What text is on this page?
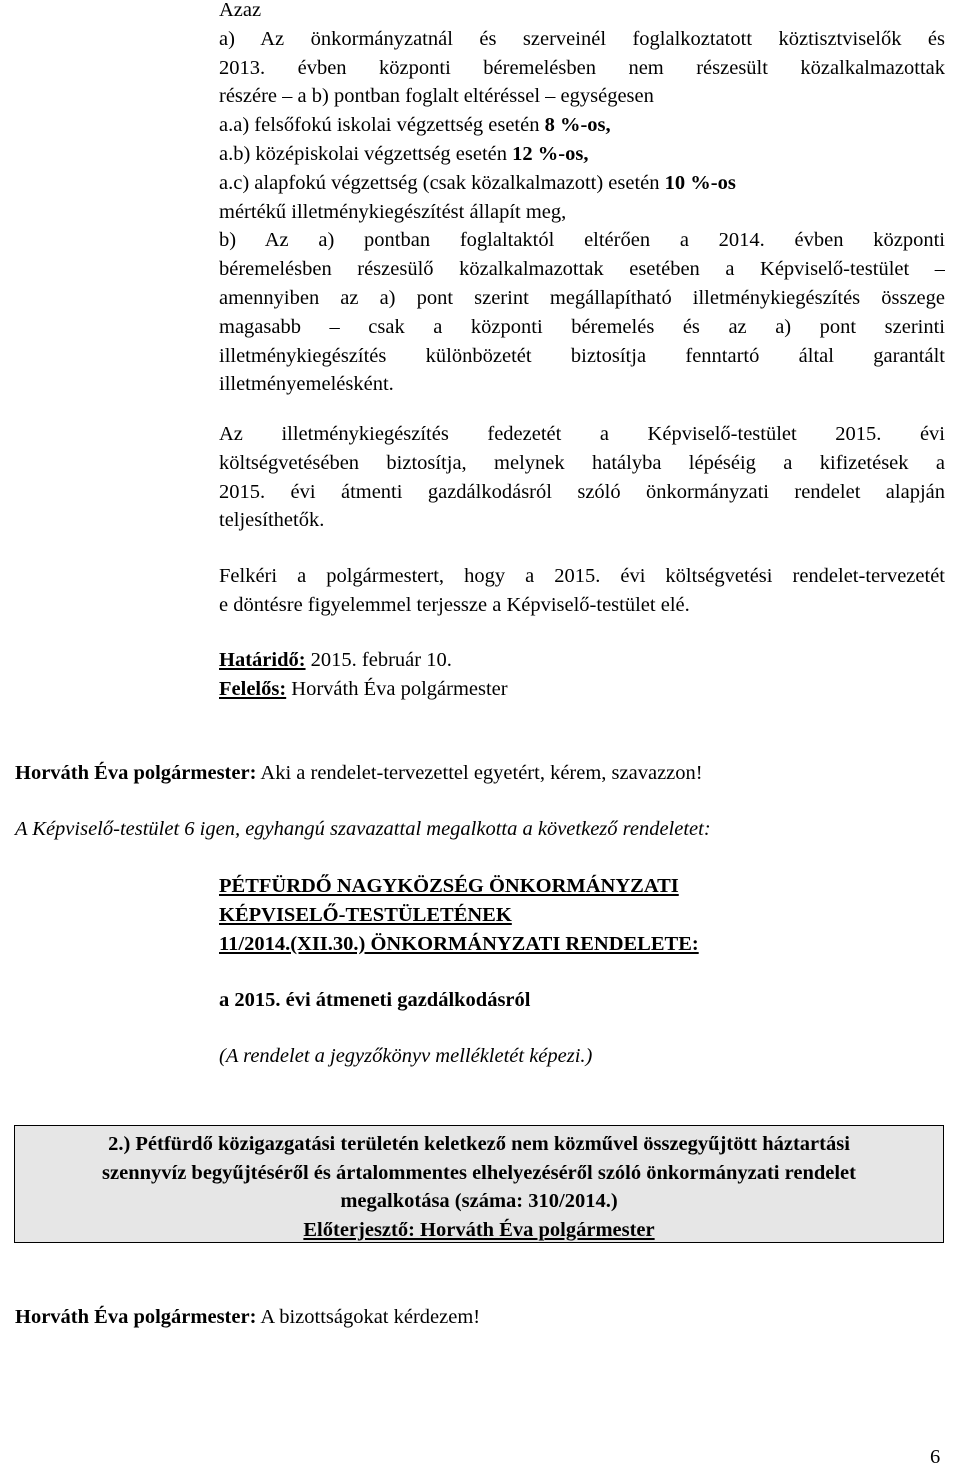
Azaz
a) Az önkormányzatnál és szerveinél foglalkoztatott köztisztviselők és
2013. évben központi béremelésben nem részesült közalkalmazottak
részére – a b) pontban foglalt eltéréssel – egységesen
a.a) felsőfokú iskolai végzettség esetén 8 %-os,
a.b) középiskolai végzettség esetén 12 %-os,
a.c) alapfokú végzettség (csak közalkalmazott) esetén 10 %-os
mértékű illetménykiegészítést állapít meg,
b) Az a) pontban foglaltaktól eltérően a 2014. évben központi
béremelésben részesülő közalkalmazottak esetében a Képviselő-testület –
amennyiben az a) pont szerint megállapítható illetménykiegészítés összege
magasabb – csak a központi béremelés és az a) pont szerinti
illetménykiegészítés különbözetét biztosítja fenntartó által garantált
illetményemelésként.
Az illetménykiegészítés fedezetét a Képviselő-testület 2015. évi
költségvetésében biztosítja, melynek hatályba lépéséig a kifizetések a
2015. évi átmenti gazdálkodásról szóló önkormányzati rendelet alapján
teljesíthetők.
Felkéri a polgármestert, hogy a 2015. évi költségvetési rendelet-tervezetét
e döntésre figyelemmel terjessze a Képviselő-testület elé.
Határidő: 2015. február 10.
Felelős: Horváth Éva polgármester
Horváth Éva polgármester: Aki a rendelet-tervezettel egyetért, kérem, szavazzon!
A Képviselő-testület 6 igen, egyhangú szavazattal megalkotta a következő rendeletet:
PÉTFÜRDŐ NAGYKÖZSÉG ÖNKORMÁNYZATI
KÉPVISELŐ-TESTÜLETÉNEK
11/2014.(XII.30.) ÖNKORMÁNYZATI RENDELETE:
a 2015. évi átmeneti gazdálkodásról
(A rendelet a jegyzőkönyv mellékletét képezi.)
2.) Pétfürdő közigazgatási területén keletkező nem közművel összegyűjtött háztartási
szennyvíz begyűjtéséről és ártalommentes elhelyezéséről szóló önkormányzati rendelet
megalkotása (száma: 310/2014.)
Előterjesztő: Horváth Éva polgármester
Horváth Éva polgármester: A bizottságokat kérdezem!
6
